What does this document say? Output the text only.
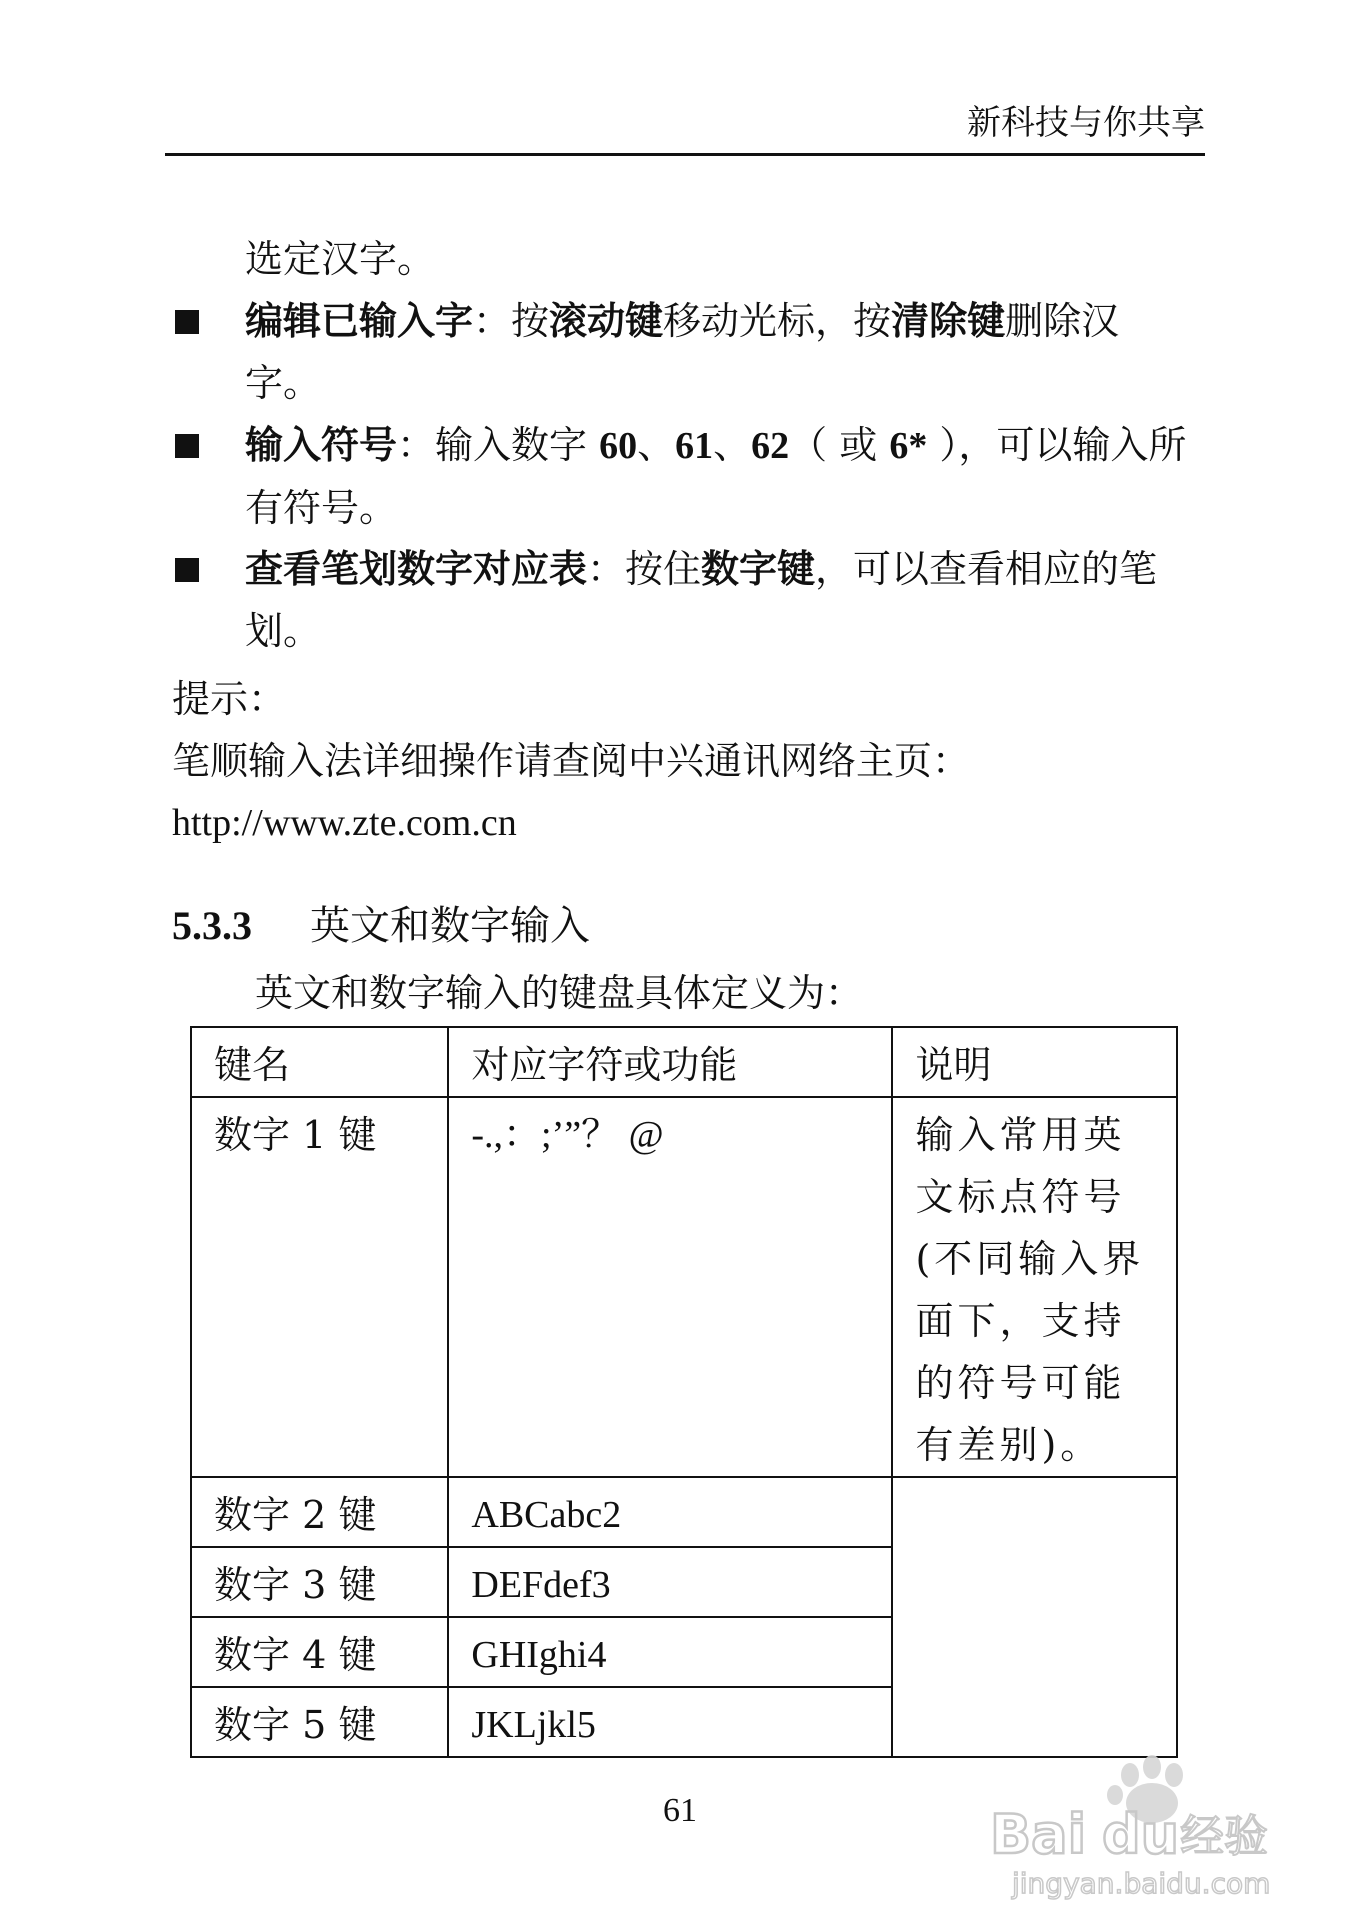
新科技与你共享
选定汉字。
编辑已输入字：按滚动键移动光标，按清除键删除汉字。
输入符号：输入数字 60、61、62（ 或 6* ），可以输入所有符号。
查看笔划数字对应表：按住数字键，可以查看相应的笔划。
提示：
笔顺输入法详细操作请查阅中兴通讯网络主页：
http://www.zte.com.cn
5.3.3 英文和数字输入
英文和数字输入的键盘具体定义为：
键名	对应字符或功能	说明
数字 1 键	-.,：;’”？ @	输入常用英文标点符号(不同输入界面下，支持的符号可能有差别)。
数字 2 键	ABCabc2	
数字 3 键	DEFdef3	
数字 4 键	GHIghi4	
数字 5 键	JKLjkl5	
61	Bai du 经验
jingyan.baidu.com
